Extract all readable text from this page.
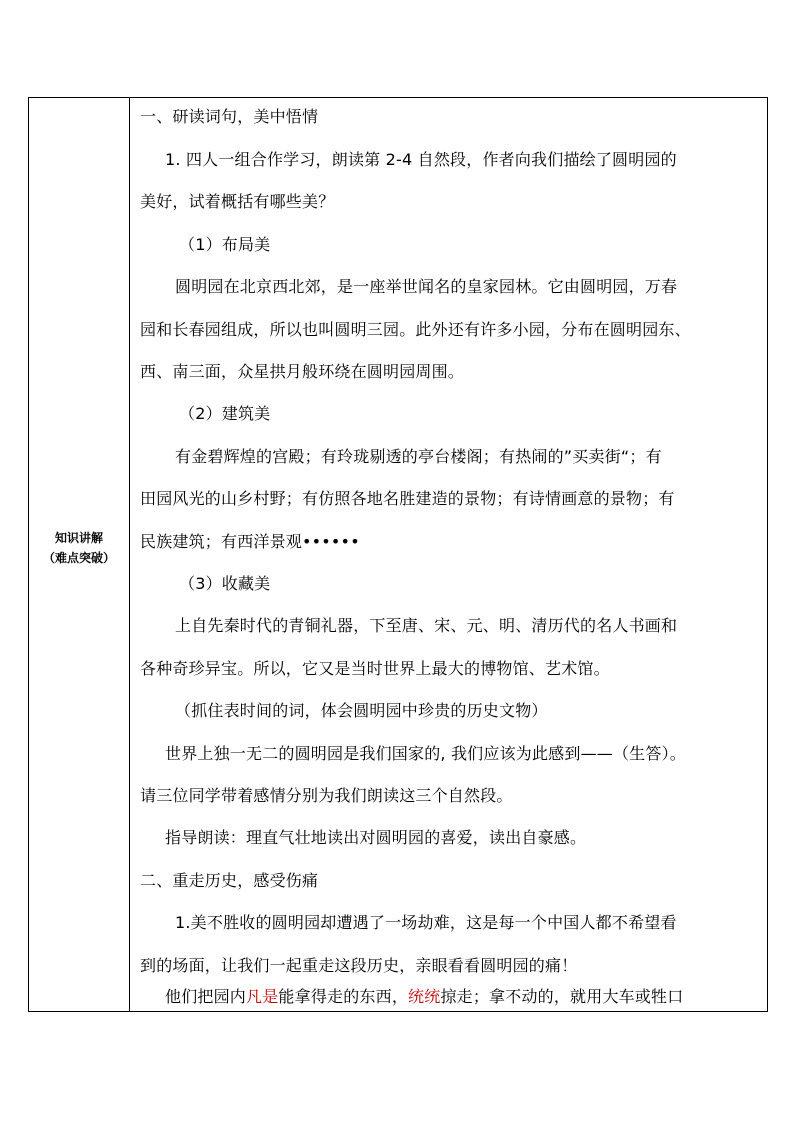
知识讲解
（难点突破）
一、研读词句，美中悟情
1. 四人一组合作学习，朗读第 2-4 自然段，作者向我们描绘了圆明园的
美好，试着概括有哪些美？
（1）布局美
圆明园在北京西北郊，是一座举世闻名的皇家园林。它由圆明园，万春
园和长春园组成，所以也叫圆明三园。此外还有许多小园，分布在圆明园东、
西、南三面，众星拱月般环绕在圆明园周围。
（2）建筑美
有金碧辉煌的宫殿；有玲珑剔透的亭台楼阁；有热闹的”买卖街“；有
田园风光的山乡村野；有仿照各地名胜建造的景物；有诗情画意的景物；有
民族建筑；有西洋景观••••••
（3）收藏美
上自先秦时代的青铜礼器，下至唐、宋、元、明、清历代的名人书画和
各种奇珍异宝。所以，它又是当时世界上最大的博物馆、艺术馆。
（抓住表时间的词，体会圆明园中珍贵的历史文物）
世界上独一无二的圆明园是我们国家的, 我们应该为此感到——（生答）。
请三位同学带着感情分别为我们朗读这三个自然段。
指导朗读：理直气壮地读出对圆明园的喜爱，读出自豪感。
二、重走历史，感受伤痛
1.美不胜收的圆明园却遭遇了一场劫难，这是每一个中国人都不希望看
到的场面，让我们一起重走这段历史，亲眼看看圆明园的痛！
他们把园内凡是能拿得走的东西，统统掠走；拿不动的，就用大车或牲口
